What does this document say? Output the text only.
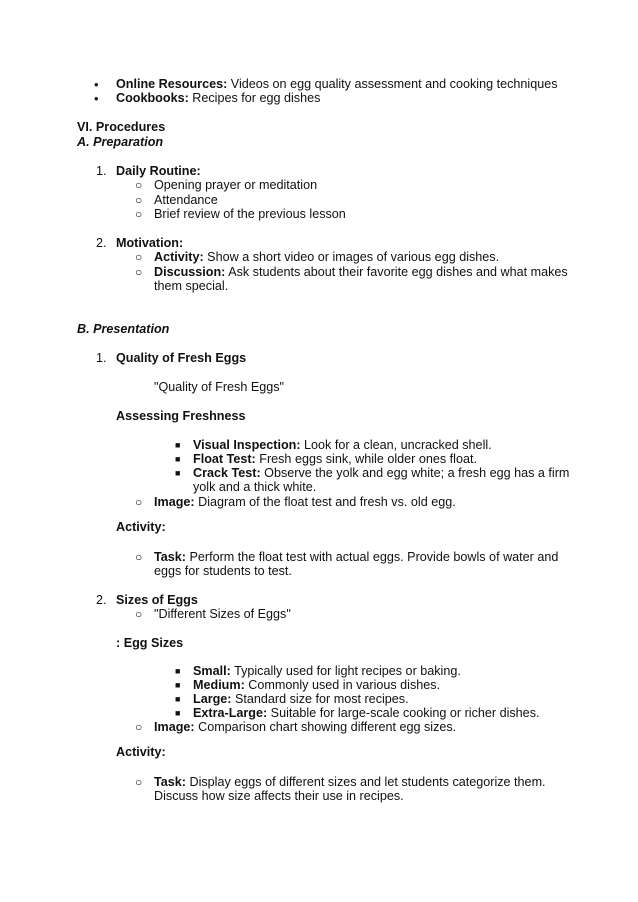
• Online Resources: Videos on egg quality assessment and cooking techniques
• Cookbooks: Recipes for egg dishes
VI. Procedures
A. Preparation
1. Daily Routine:
○ Opening prayer or meditation
○ Attendance
○ Brief review of the previous lesson
2. Motivation:
○ Activity: Show a short video or images of various egg dishes.
○ Discussion: Ask students about their favorite egg dishes and what makes
them special.
B. Presentation
1. Quality of Fresh Eggs
"Quality of Fresh Eggs"
Assessing Freshness
■ Visual Inspection: Look for a clean, uncracked shell.
■ Float Test: Fresh eggs sink, while older ones float.
■ Crack Test: Observe the yolk and egg white; a fresh egg has a firm
yolk and a thick white.
○ Image: Diagram of the float test and fresh vs. old egg.
Activity:
○ Task: Perform the float test with actual eggs. Provide bowls of water and
eggs for students to test.
2. Sizes of Eggs
○ "Different Sizes of Eggs"
: Egg Sizes
■ Small: Typically used for light recipes or baking.
■ Medium: Commonly used in various dishes.
■ Large: Standard size for most recipes.
■ Extra-Large: Suitable for large-scale cooking or richer dishes.
○ Image: Comparison chart showing different egg sizes.
Activity:
○ Task: Display eggs of different sizes and let students categorize them.
Discuss how size affects their use in recipes.
